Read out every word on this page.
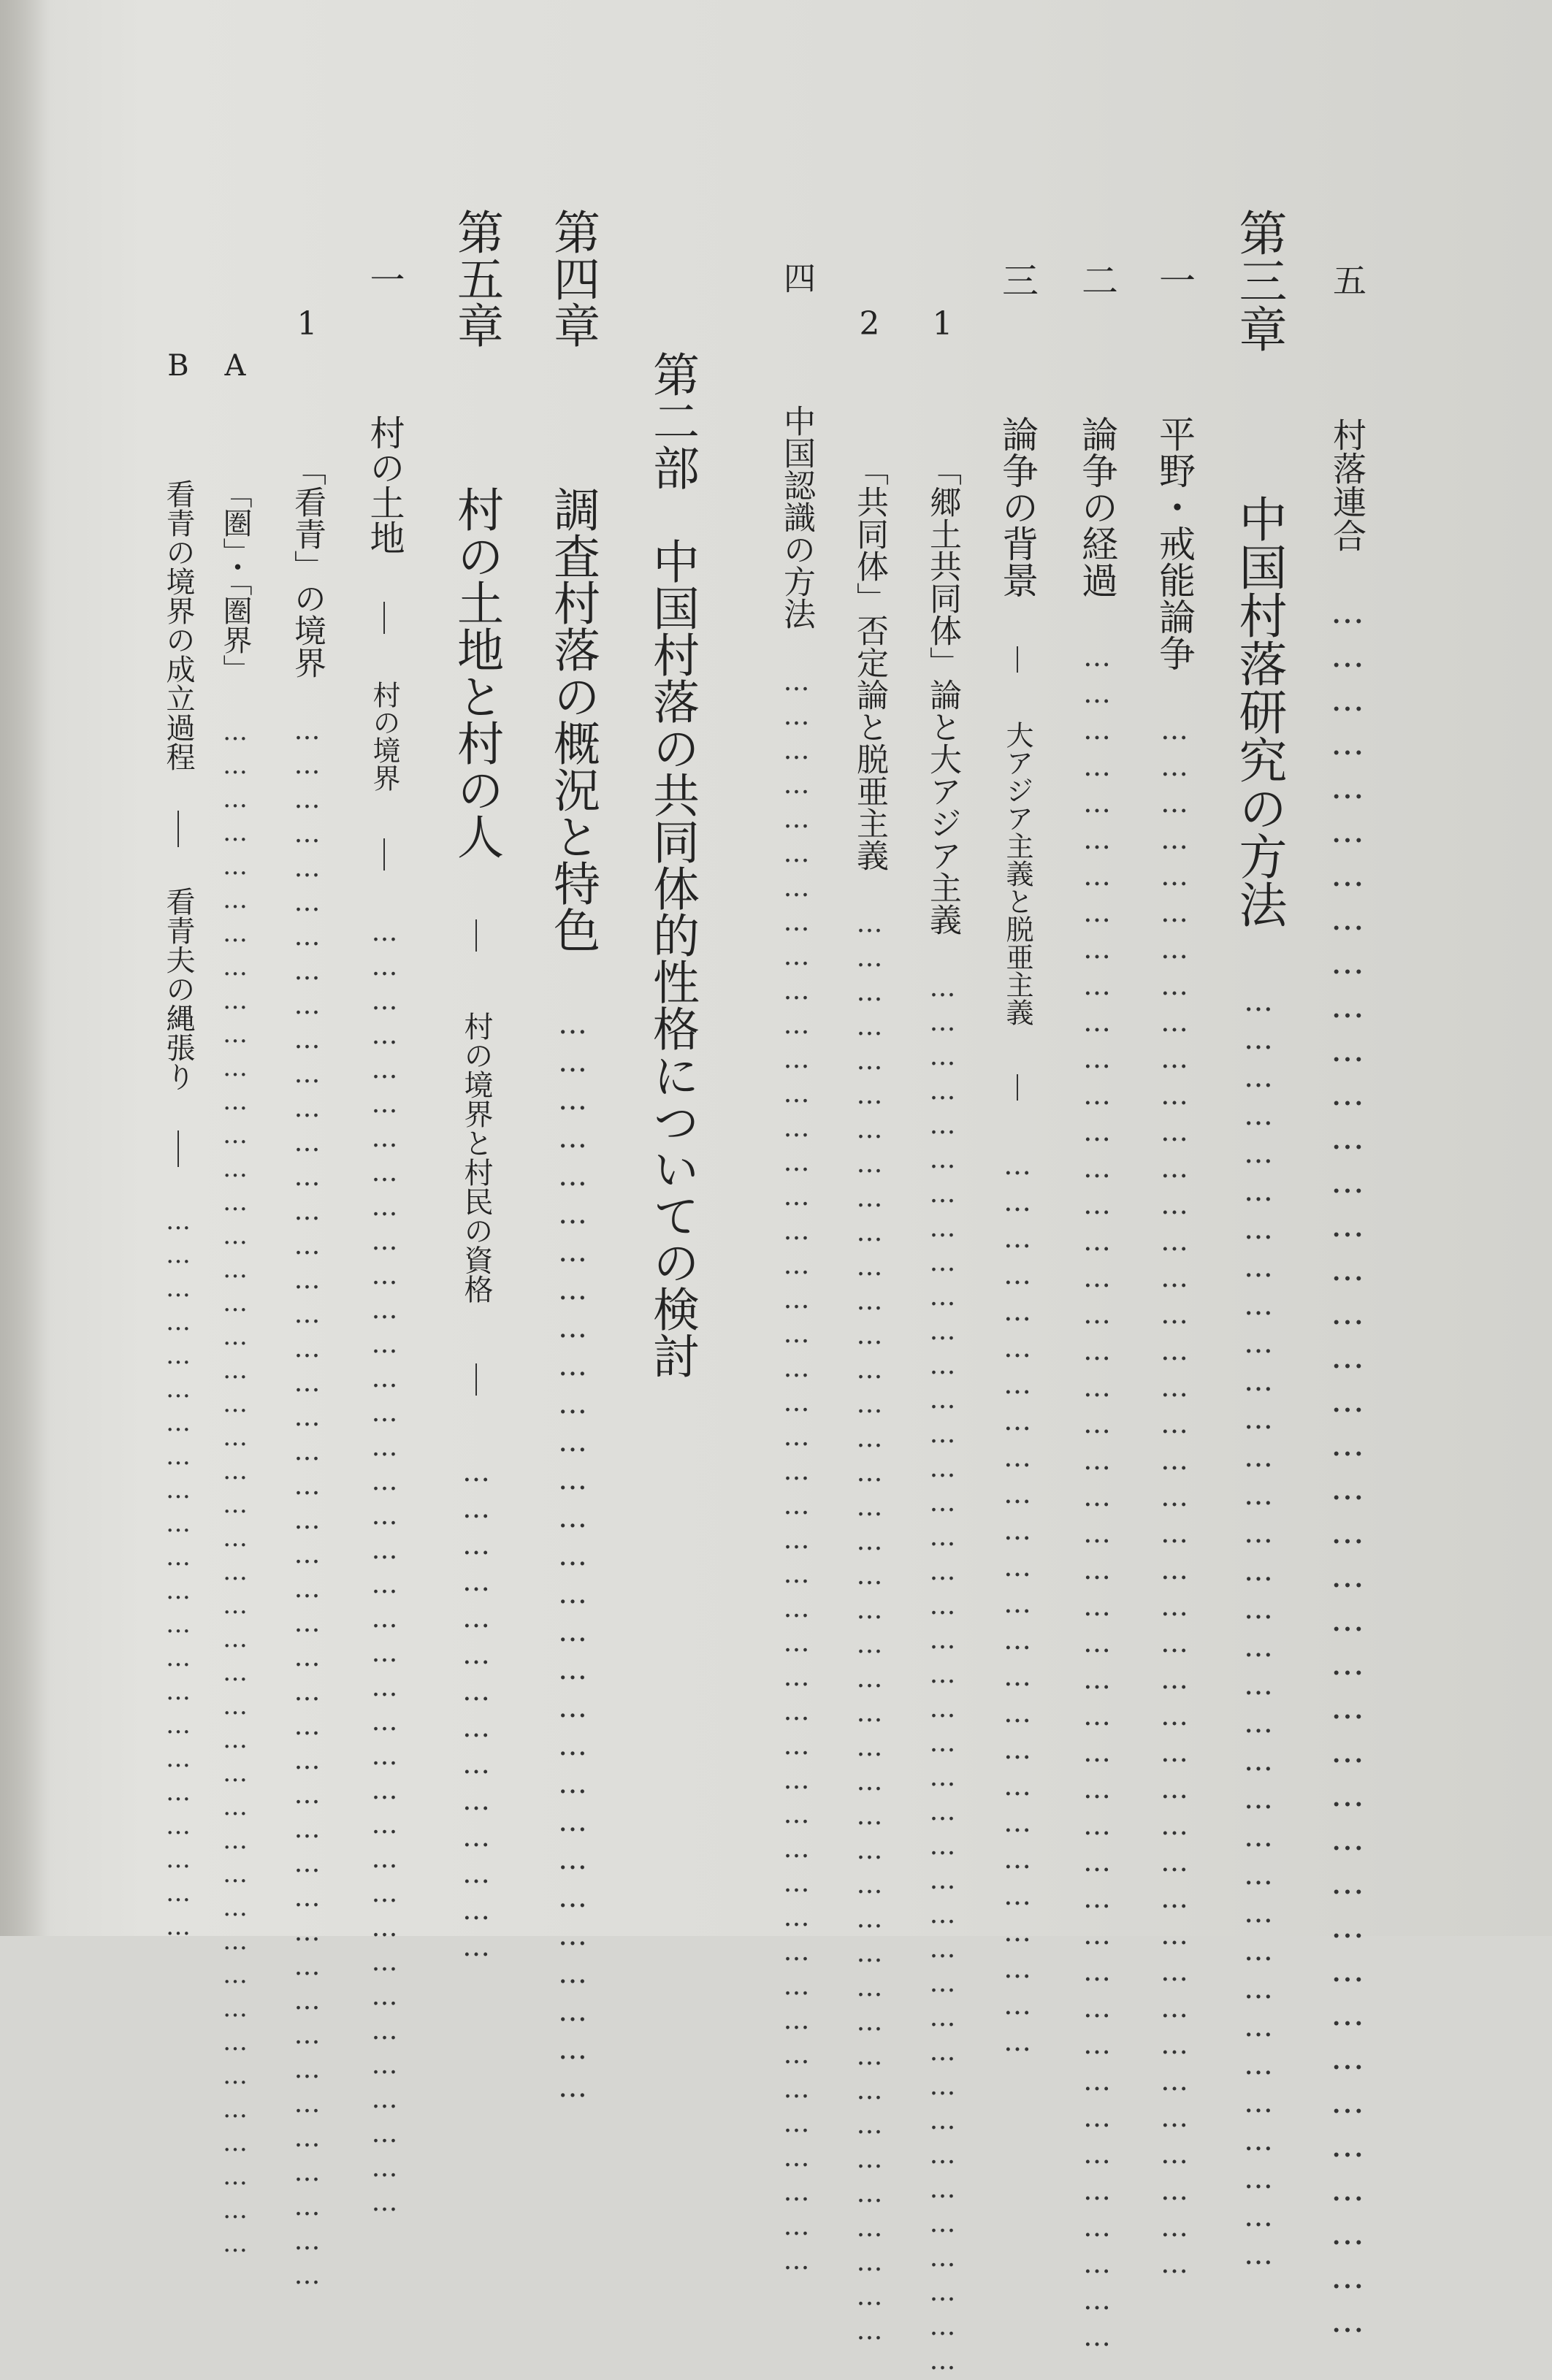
五  村落連合 …………………………………………………………………………………………………………
第三章  中国村落研究の方法 …………………………………………………………………………………………
一  平野・戒能論争 …………………………………………………………………………………………………………………
二  論争の経過 ……………………………………………………………………………………………………………………………
三  論争の背景  大アジア主義と脱亜主義  …………………………………………………………………
1  「郷土共同体」論と大アジア主義 ……………………………………………………………………………………………………………
2  「共同体」否定論と脱亜主義 ………………………………………………………………………………………………………………
四  中国認識の方法 ……………………………………………………………………………………………………………………………
第二部　中国村落の共同体的性格についての検討
第四章  調査村落の概況と特色 ……………………………………………………………………………
第五章  村の土地と村の人  村の境界と村民の資格  ……………………………………
一  村の土地  村の境界  ……………………………………………………………………………………………………
1  「看青」の境界 …………………………………………………………………………………………………………………………
A  「圏」・「圏界」 …………………………………………………………………………………………………………………………
B  看青の境界の成立過程  看青夫の縄張り  …………………………………………………………
